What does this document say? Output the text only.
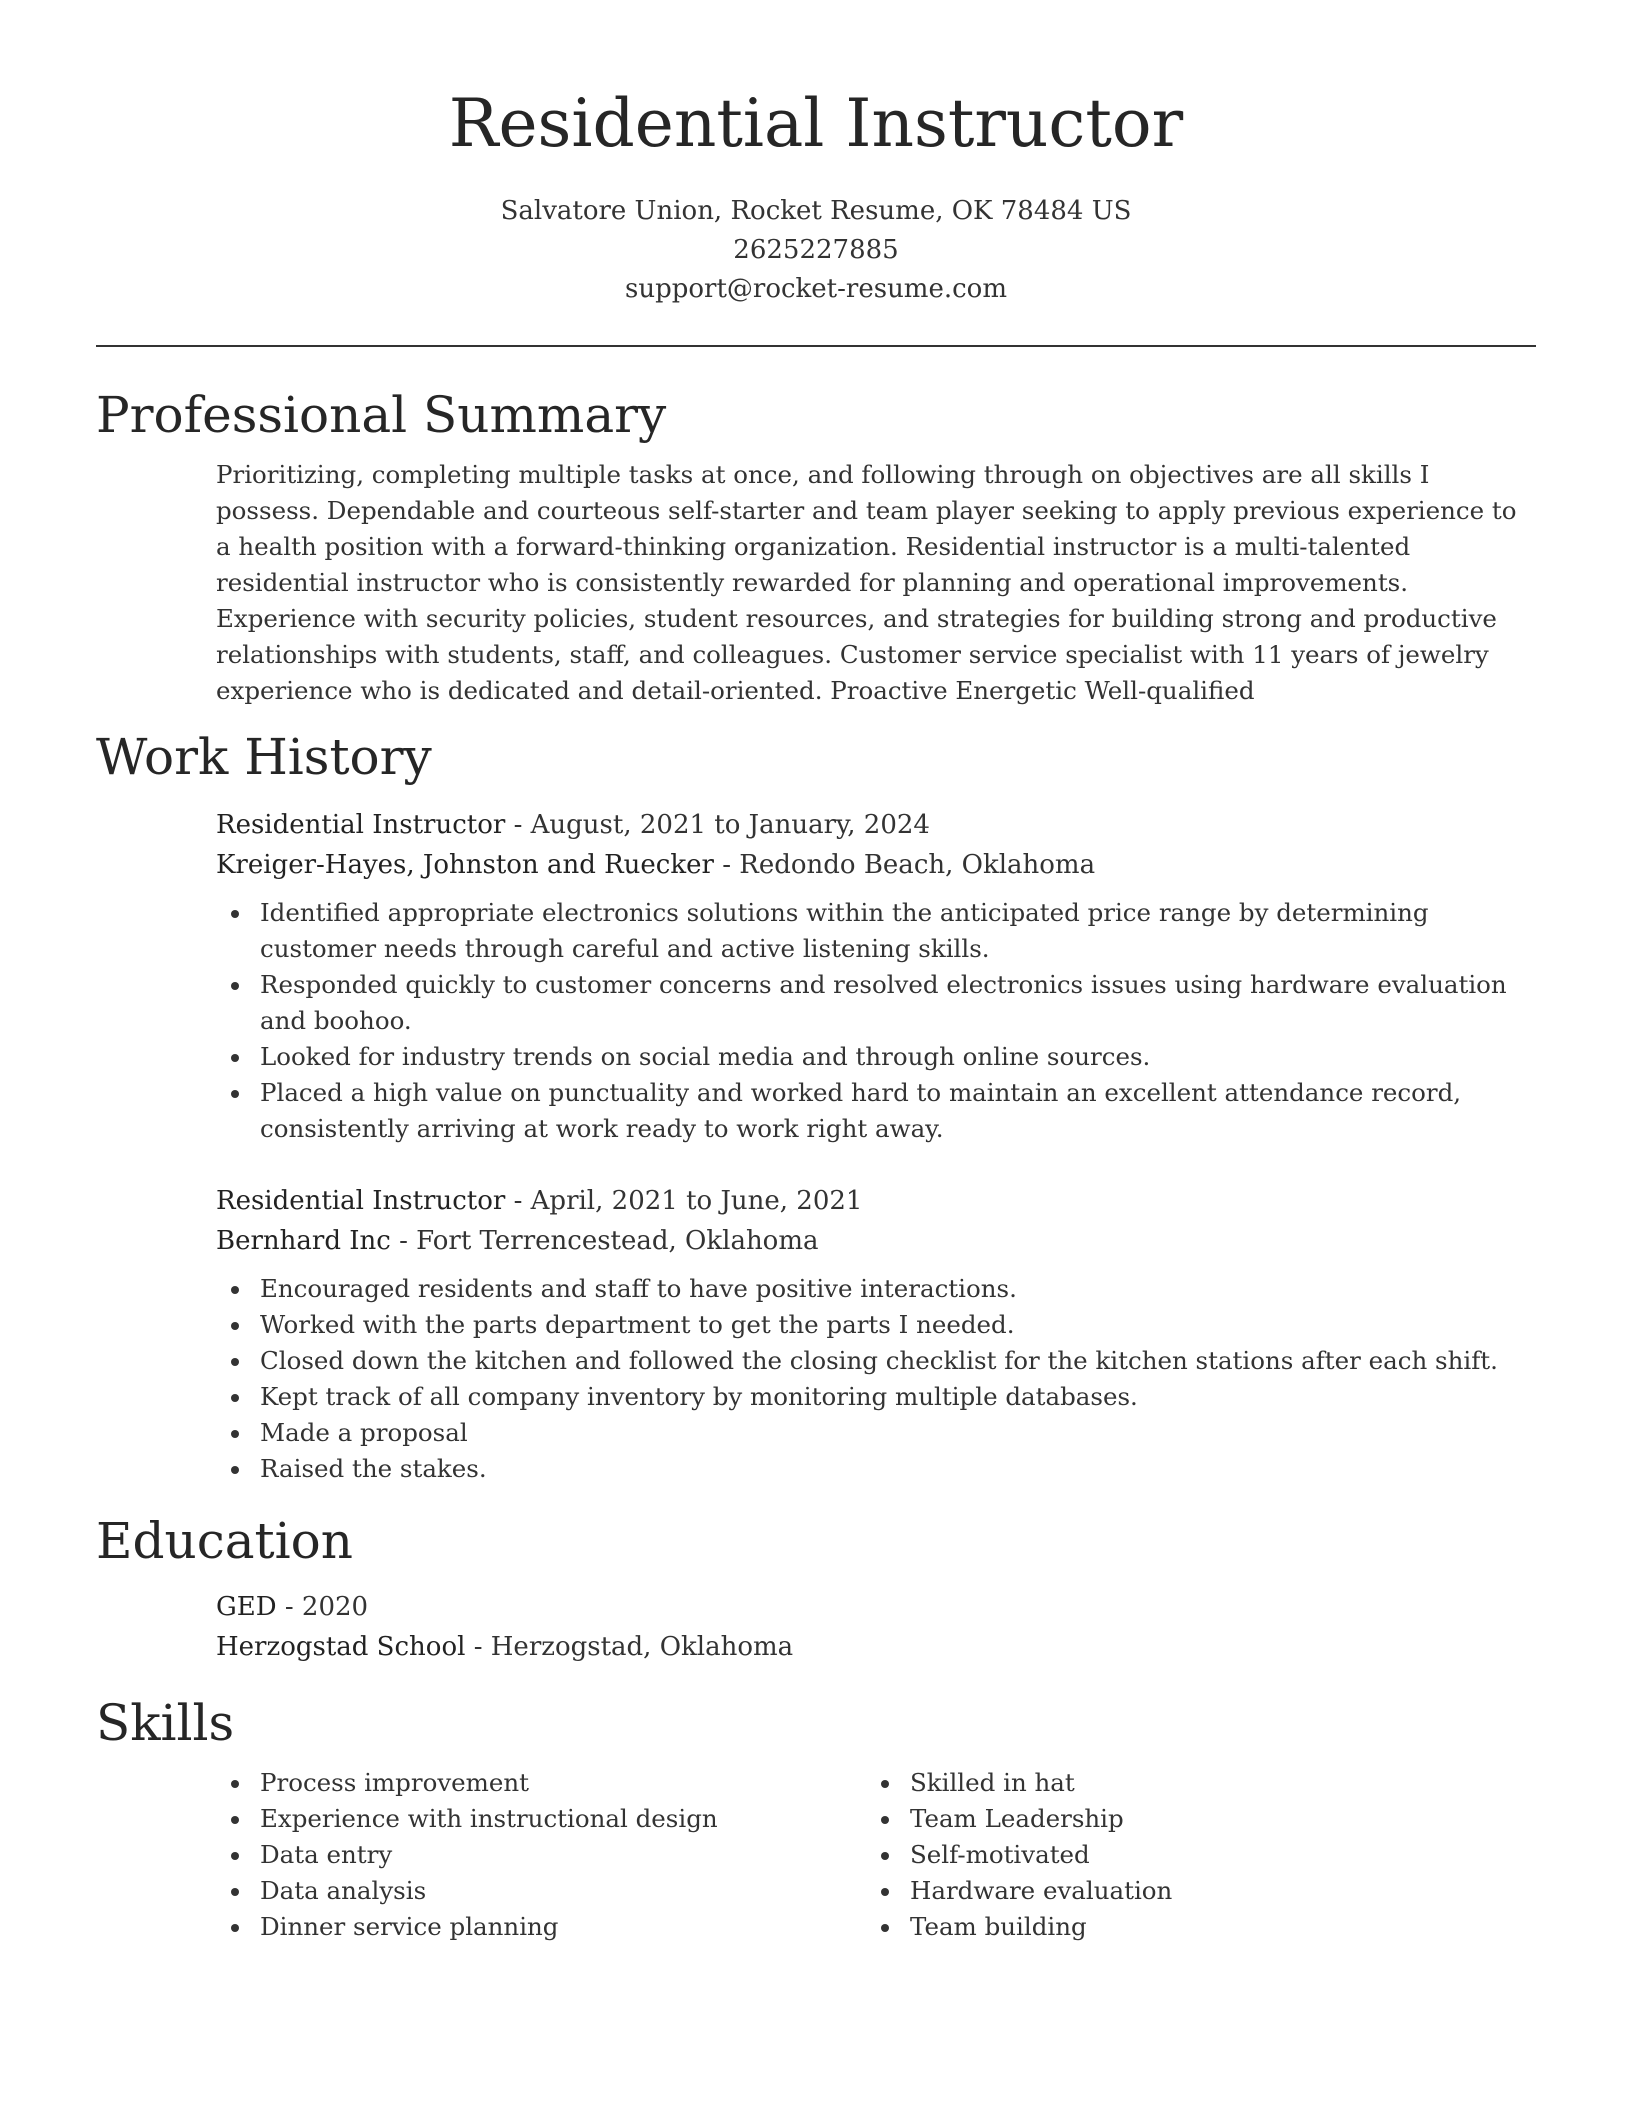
Residential Instructor
Salvatore Union, Rocket Resume, OK 78484 US
2625227885
support@rocket-resume.com
Professional Summary
Prioritizing, completing multiple tasks at once, and following through on objectives are all skills I possess. Dependable and courteous self-starter and team player seeking to apply previous experience to a health position with a forward-thinking organization. Residential instructor is a multi-talented residential instructor who is consistently rewarded for planning and operational improvements. Experience with security policies, student resources, and strategies for building strong and productive relationships with students, staff, and colleagues. Customer service specialist with 11 years of jewelry experience who is dedicated and detail-oriented. Proactive Energetic Well-qualified
Work History
Residential Instructor - August, 2021 to January, 2024
Kreiger-Hayes, Johnston and Ruecker - Redondo Beach, Oklahoma
Identified appropriate electronics solutions within the anticipated price range by determining customer needs through careful and active listening skills.
Responded quickly to customer concerns and resolved electronics issues using hardware evaluation and boohoo.
Looked for industry trends on social media and through online sources.
Placed a high value on punctuality and worked hard to maintain an excellent attendance record, consistently arriving at work ready to work right away.
Residential Instructor - April, 2021 to June, 2021
Bernhard Inc - Fort Terrencestead, Oklahoma
Encouraged residents and staff to have positive interactions.
Worked with the parts department to get the parts I needed.
Closed down the kitchen and followed the closing checklist for the kitchen stations after each shift.
Kept track of all company inventory by monitoring multiple databases.
Made a proposal
Raised the stakes.
Education
GED - 2020
Herzogstad School - Herzogstad, Oklahoma
Skills
Process improvement
Experience with instructional design
Data entry
Data analysis
Dinner service planning
Skilled in hat
Team Leadership
Self-motivated
Hardware evaluation
Team building
